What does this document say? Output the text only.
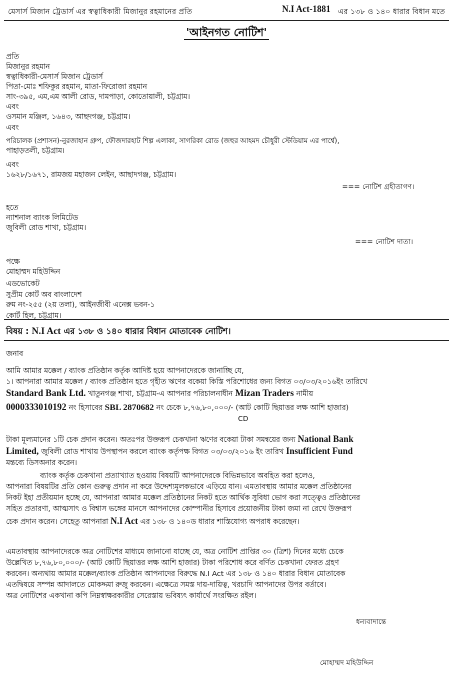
মেসার্স মিজান ট্রেডার্স এর স্বত্বাধিকারী মিজানুর রহমানের প্রতি	N.I Act-1881 এর ১৩৮ ও ১৪০ ধারার বিধান মতে
'আইনগত নোটিশ'
প্রতি
মিজানুর রহমান
স্বত্বাধিকারী-মেসার্স মিজান ট্রেডার্স
পিতা-মোঃ শফিকুর রহমান, মাতা-ফিরোজা রহমান
সাং-৩৯৫, এম,এম আলী রোড, দামপাড়া, কোতোয়ালী, চট্টগ্রাম।
এবং
ওসমান মঞ্জিল, ১৬৪৩, আছদগঞ্জ, চট্টগ্রাম।
এবং
পরিচালক (প্রশাসন)-নুরজাহান গ্রুপ, ফৌজদারহাট শিল্প এলাকা, সাগরিকা রোড (জহুর আহমদ চৌধুরী স্টেডিয়াম এর পার্শ্বে),
পাহাড়তলী, চট্টগ্রাম।
এবং
১৬২৮/১৬৭১, রামজয় মহাজন লেইন, আছাদগঞ্জ, চট্টগ্রাম।
=== নোটিশ গ্রহীতাগণ।
হতে
ন্যাশনাল ব্যাংক লিমিটেড
জুবিলী রোড শাখা, চট্টগ্রাম।
=== নোটিশ দাতা।
পক্ষে
মোহাম্মদ মহিউদ্দিন
এডভোকেট
সুপ্রীম কোর্ট অব বাংলাদেশ
রুম নং-২৫৫ (২য় তলা), আইনজীবী এনেক্স ভবন-১
কোর্ট হিল, চট্টগ্রাম।
বিষয় : N.I Act এর ১৩৮ ও ১৪০ ধারার বিধান মোতাবেক নোটিশ।
জনাব
আমি আমার মক্কেল / ব্যাংক প্রতিষ্ঠান কর্তৃক আদিষ্ট হয়ে আপনাদেরকে জানাচ্ছি যে,
১। আপনারা আমার মক্কেল / ব্যাংক প্রতিষ্ঠান হতে গৃহীত ঋণের বকেয়া কিস্তি পরিশোধের জন্য বিগত ০৩/০৩/২০১৬ইং তারিখে
Standard Bank Ltd. খাতুনগঞ্জ শাখা, চট্টগ্রাম-এ আপনার পরিচালনাধীন Mizan Traders নামীয়
0000333010192 নং হিসাবের SBL 2870682 নং চেকে ৮,৭৬,৮০,০০০/- (আট কোটি ছিয়াত্তর লক্ষ আশি হাজার)
CD
টাকা মূল্যমানের ১টি চেক প্রদান করেন। অতঃপর উক্তরূপ চেকখানা ঋণের বকেয়া টাকা সমন্বয়ের জন্য National Bank
Limited, জুবিলী রোড শাখায় উপস্থাপন করলে ব্যাংক কর্তৃপক্ষ বিগত ০৩/০৩/২০১৬ ইং তারিখ Insufficient Fund
মন্তব্যে ডিসঅনার করেন।
ব্যাংক কর্তৃক চেকখানা প্রত্যাখ্যাত হওয়ায় বিষয়টি আপনাদেরকে বিভিন্নভাবে অবহিত করা হলেও,
আপনারা বিষয়টির প্রতি কোন গুরুত্ব প্রদান না করে উদ্দেশ্যমূলকভাবে এড়িয়ে যান। এমতাবস্থায় আমার মক্কেল প্রতিষ্ঠানের
নিকট ইহা প্রতীয়মান হচ্ছে যে, আপনারা আমার মক্কেল প্রতিষ্ঠানের নিকট হতে আর্থিক সুবিধা ভোগ করা সত্ত্বেও প্রতিষ্ঠানের
সহিত প্রতারণা, আত্মসাৎ ও বিশ্বাস ভঙ্গের মানসে আপনাদের কোম্পানীর হিসাবে প্রয়োজনীয় টাকা জমা না রেখে উক্তরূপ
চেক প্রদান করেন। সেহেতু আপনারা N.I Act এর ১৩৮ ও ১৪০ড ধারার শাস্তিযোগ্য অপরাধ করেছেন।
এমতাবস্থায় আপনাদেরকে অত্র নোটিশের মাধ্যমে জানানো যাচ্ছে যে, অত্র নোটিশ প্রাপ্তির ৩০ (ত্রিশ) দিনের মধ্যে চেকে
উল্লেখিত ৮,৭৬,৮০,০০০/- (আট কোটি ছিয়াত্তর লক্ষ আশি হাজার) টাকা পরিশোধ করে বর্ণিত চেকখানা ফেরত গ্রহণ
করবেন। অন্যথায় আমার মক্কেল/ব্যাংক প্রতিষ্ঠান আপনাদের বিরুদ্ধে N.I Act এর ১৩৮ ও ১৪০ ধারার বিধান মোতাবেক
এতদ্বিষয়ে সম্পন্ন আদালতে মোকদ্দমা রুজু করবেন। এক্ষেত্রে সমস্ত দায়-দায়িত্ব, খরচাদি আপনাদের উপর বর্তাবে।
অত্র নোটিশের একখানা কপি নিম্নস্বাক্ষরকারীর সেরেস্তায় ভবিষ্যৎ কার্যার্থে সংরক্ষিত রইল।
ধন্যবাদান্তে
মোহাম্মদ মহিউদ্দিন
